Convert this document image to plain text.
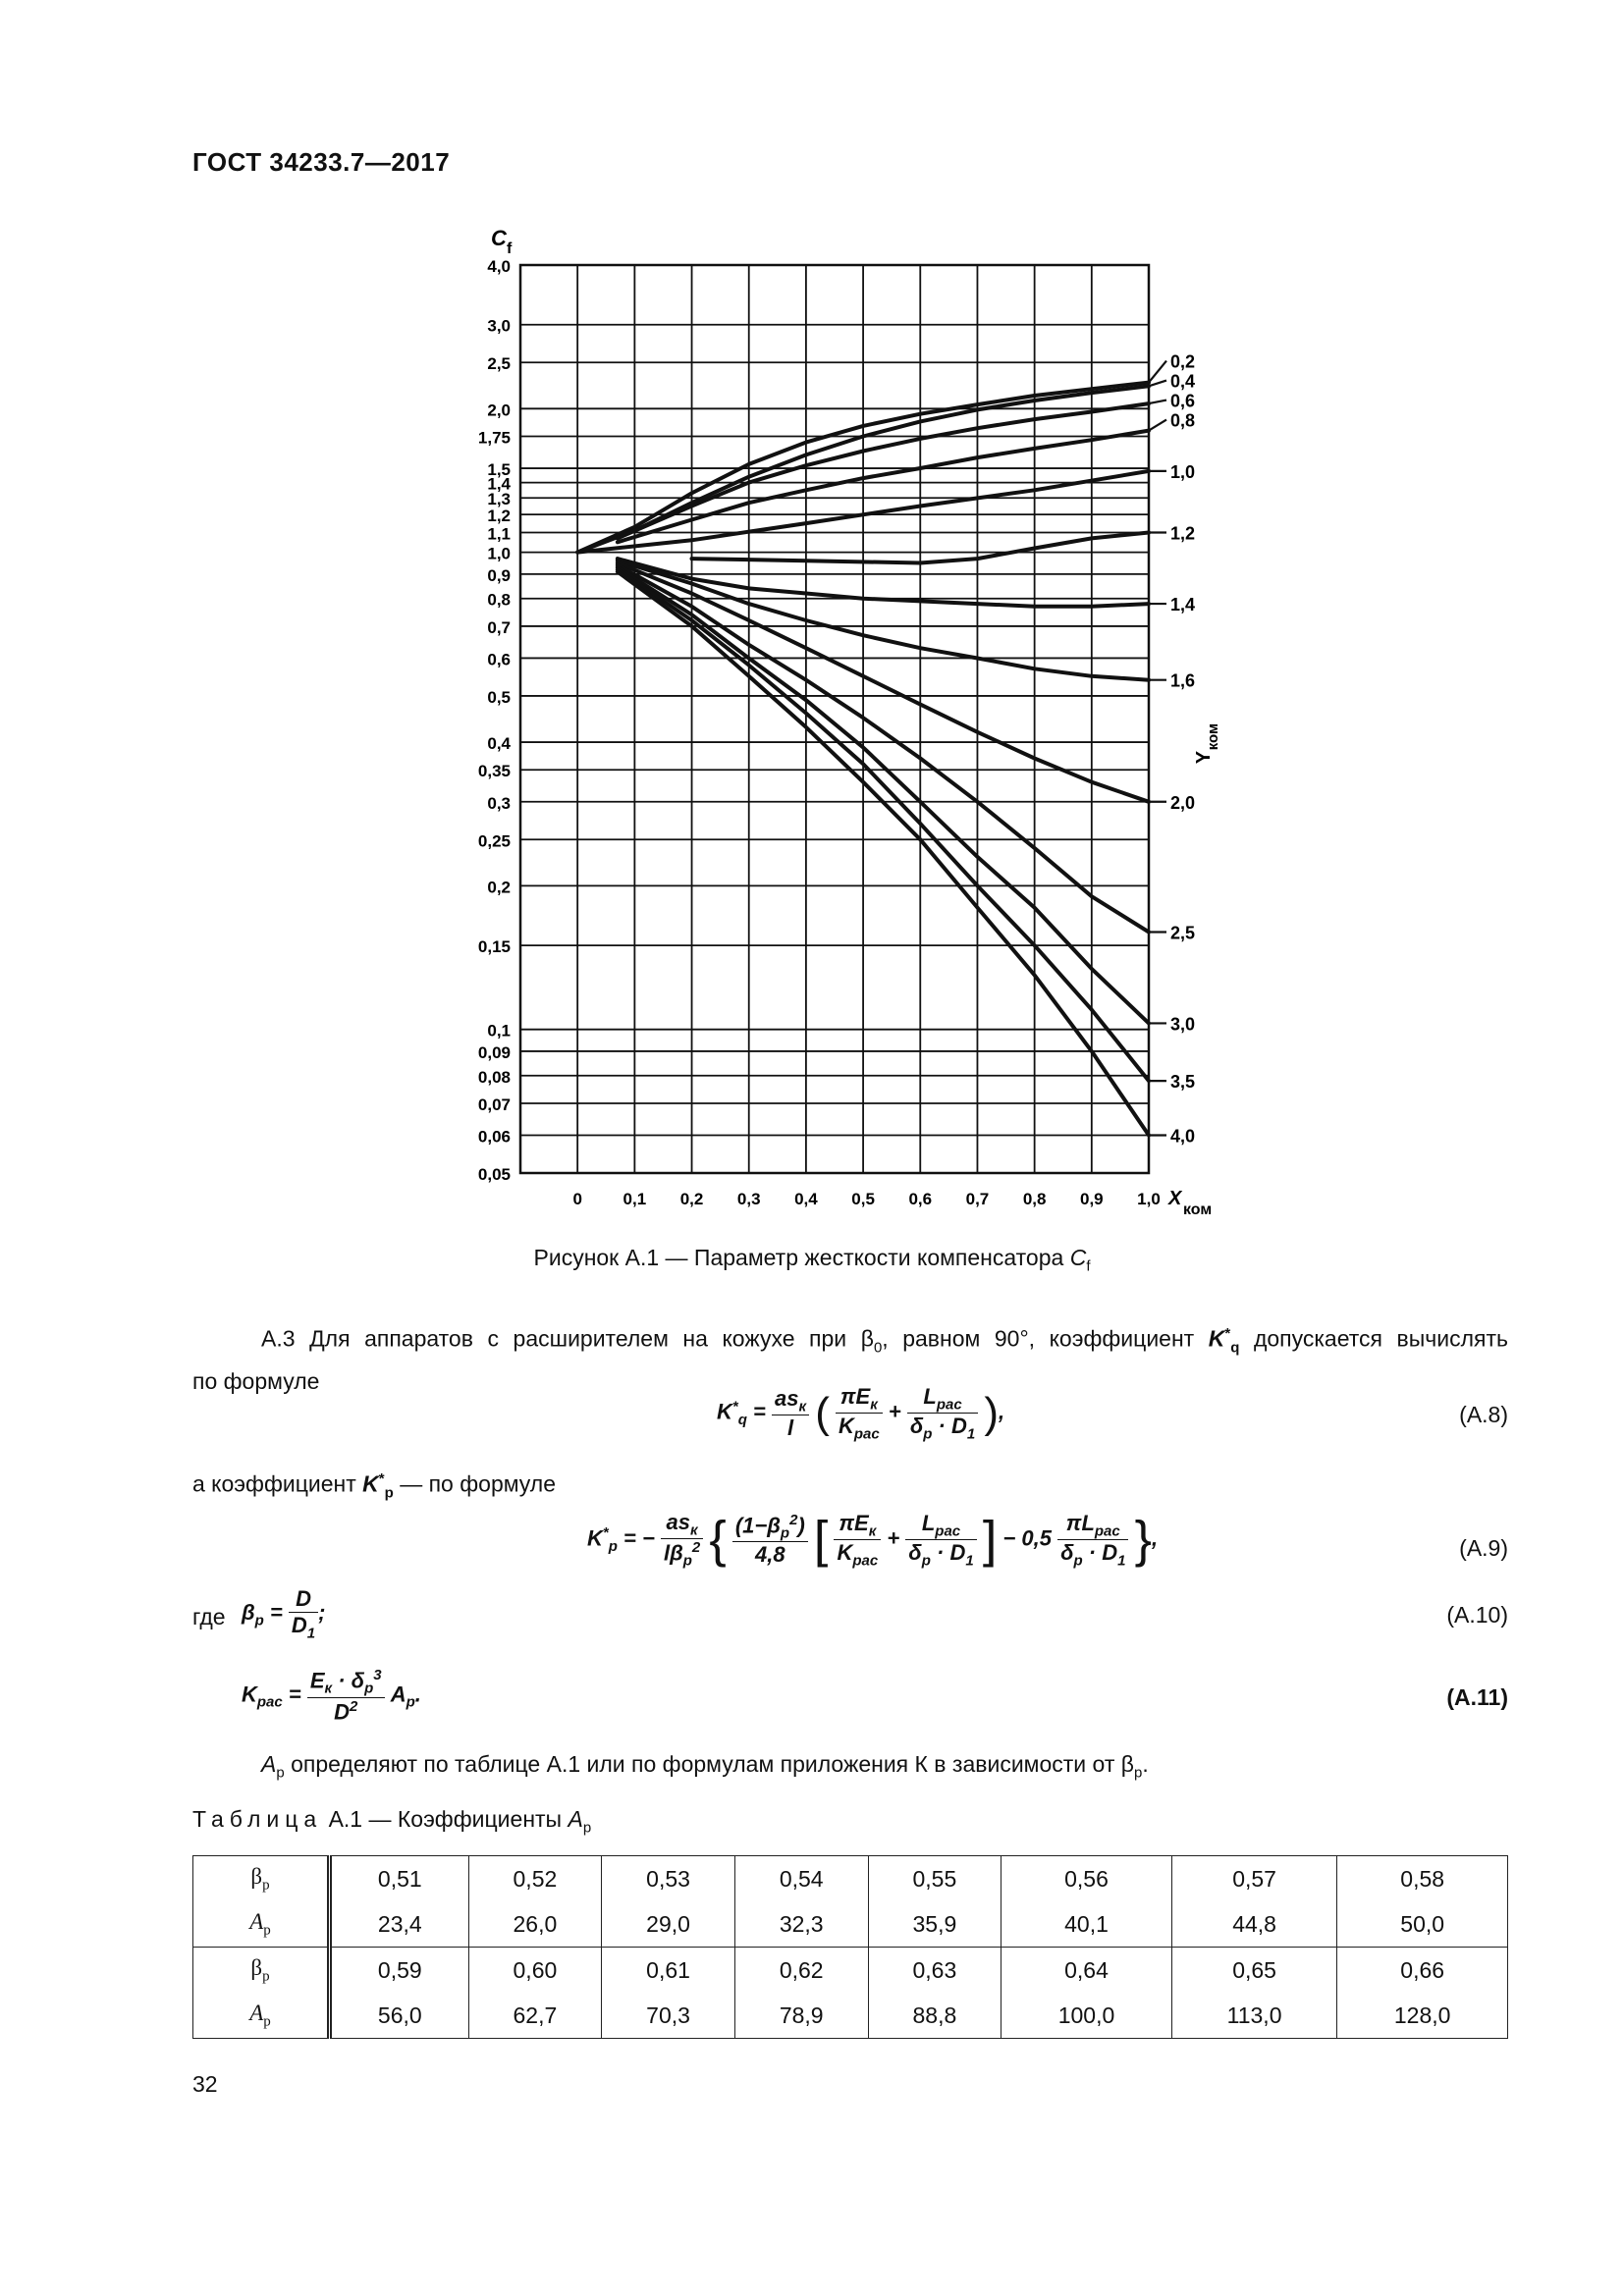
ГОСТ 34233.7—2017
4,0
3,0
2,5
2,0
1,75
1,5
1,4
1,3
1,2
1,1
1,0
0,9
0,8
0,7
0,6
0,5
0,4
0,35
0,3
0,25
0,2
0,15
0,1
0,09
0,08
0,07
0,06
0,05
0 0,1 0,2 0,3 0,4 0,5 0,6 0,7 0,8 0,9 1,0
0,2
0,4
0,6
0,8
1,0
1,2
1,4
1,6
2,0
2,5
3,0
3,5
4,0
C f
X
ком
Y
ком
Рисунок А.1 — Параметр жесткости компенсатора $C_f$
А.3 Для аппаратов с расширителем на кожухе при $\beta_0$, равном 90°, коэффициент $K^*_q$ допускается вычислять
по формуле
$K^*_q = \frac{as_к}{l}$ ( $\frac{\pi E_к}{K_{рас}} + \frac{L_{рас}}{\delta_p \cdot D_1}$ ),	(А.8)
а коэффициент $K^*_p$ — по формуле
$K^*_p$ = − $\frac{as_к}{l\beta_p^2}$ { $\frac{(1-\beta_p^2)}{4,8}$ [ $\frac{\pi E_к}{K_{рас}} + \frac{L_{рас}}{\delta_p \cdot D_1}$ ] − $0,5 \frac{\pi L_{рас}}{\delta_p \cdot D_1}$ },	(А.9)
где $\beta_p = \frac{D}{D_1}$ ;	(А.10)
$K_{рас} = \frac{E_к \cdot \delta_p^3}{D^2} A_p$.	(А.11)
$A_p$ определяют по таблице А.1 или по формулам приложения К в зависимости от $\beta_p$.
Таблица А.1 — Коэффициенты $A_p$
$\beta_p$	0,51	0,52	0,53	0,54	0,55	0,56	0,57	0,58
$A_p$	23,4	26,0	29,0	32,3	35,9	40,1	44,8	50,0
$\beta_p$	0,59	0,60	0,61	0,62	0,63	0,64	0,65	0,66
$A_p$	56,0	62,7	70,3	78,9	88,8	100,0	113,0	128,0
32
